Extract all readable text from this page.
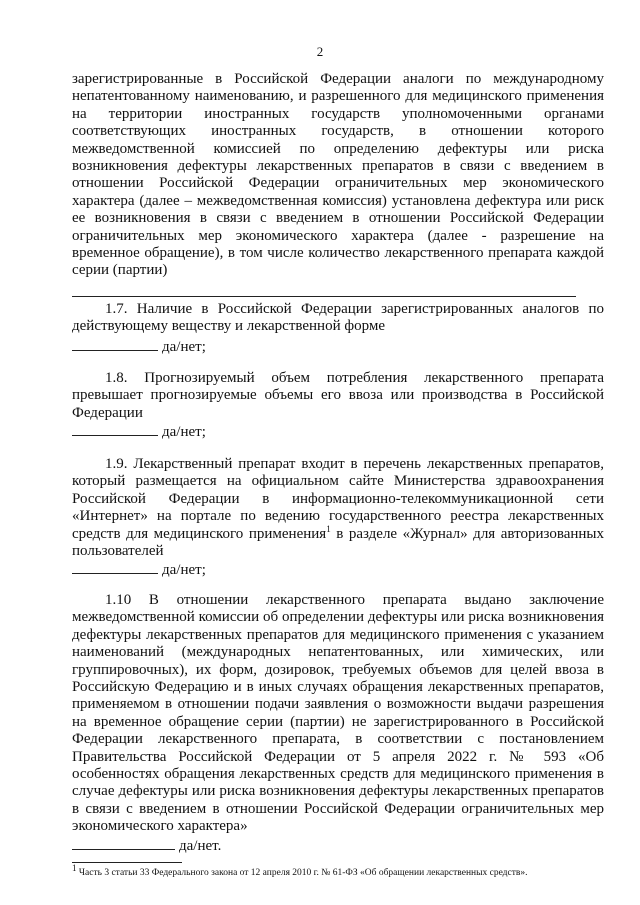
2

зарегистрированные в Российской Федерации аналоги по международному непатентованному наименованию, и разрешенного для медицинского применения на территории иностранных государств уполномоченными органами соответствующих иностранных государств, в отношении которого межведомственной комиссией по определению дефектуры или риска возникновения дефектуры лекарственных препаратов в связи с введением в отношении Российской Федерации ограничительных мер экономического характера (далее – межведомственная комиссия) установлена дефектура или риск ее возникновения в связи с введением в отношении Российской Федерации ограничительных мер экономического характера (далее - разрешение на временное обращение), в том числе количество лекарственного препарата каждой серии (партии)

1.7. Наличие в Российской Федерации зарегистрированных аналогов по действующему веществу и лекарственной форме

да/нет;

1.8. Прогнозируемый объем потребления лекарственного препарата превышает прогнозируемые объемы его ввоза или производства в Российской Федерации

да/нет;

1.9. Лекарственный препарат входит в перечень лекарственных препаратов, который размещается на официальном сайте Министерства здравоохранения Российской Федерации в информационно-телекоммуникационной сети «Интернет» на портале по ведению государственного реестра лекарственных средств для медицинского применения$^1$ в разделе «Журнал» для авторизованных пользователей

да/нет;

1.10 В отношении лекарственного препарата выдано заключение межведомственной комиссии об определении дефектуры или риска возникновения дефектуры лекарственных препаратов для медицинского применения с указанием наименований (международных непатентованных, или химических, или группировочных), их форм, дозировок, требуемых объемов для целей ввоза в Российскую Федерацию и в иных случаях обращения лекарственных препаратов, применяемом в отношении подачи заявления о возможности выдачи разрешения на временное обращение серии (партии) не зарегистрированного в Российской Федерации лекарственного препарата, в соответствии с постановлением Правительства Российской Федерации от 5 апреля 2022 г. № 593 «Об особенностях обращения лекарственных средств для медицинского применения в случае дефектуры или риска возникновения дефектуры лекарственных препаратов в связи с введением в отношении Российской Федерации ограничительных мер экономического характера»

да/нет.
$^1$ Часть 3 статьи 33 Федерального закона от 12 апреля 2010 г. № 61-ФЗ «Об обращении лекарственных средств».
